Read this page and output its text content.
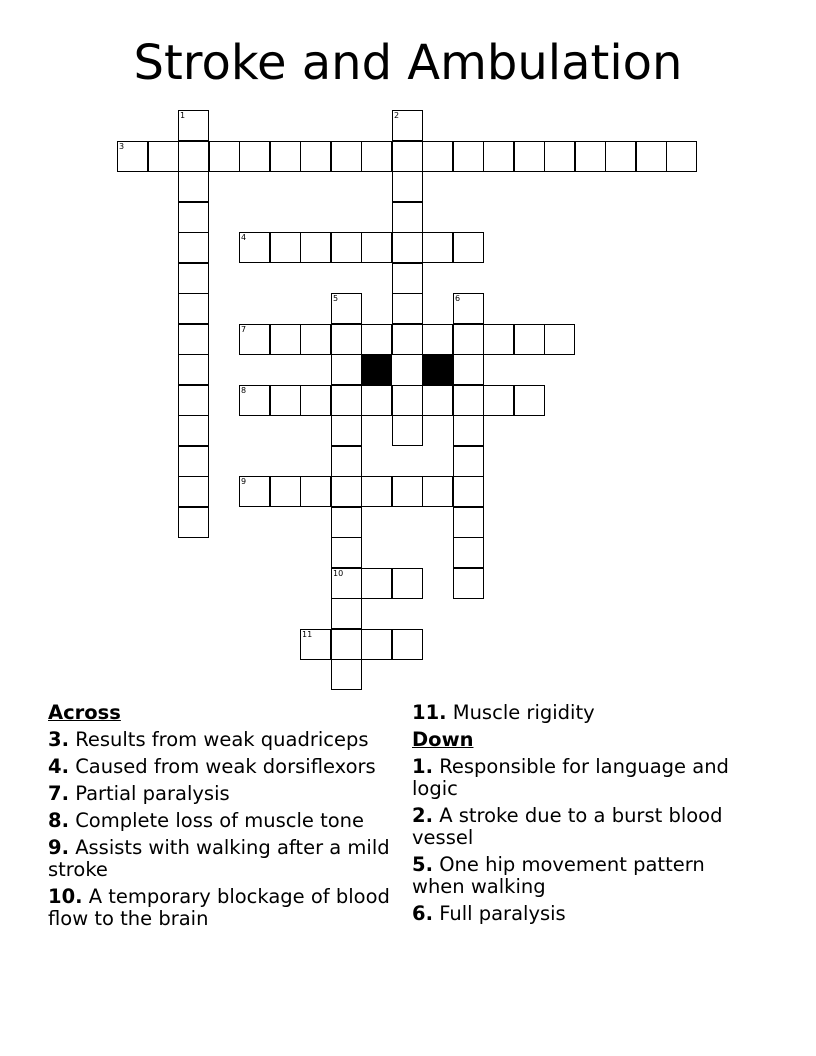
Stroke and Ambulation
1	2
3
4
5	6
7
8
9
10
11
Across
3. Results from weak quadriceps
4. Caused from weak dorsiflexors
7. Partial paralysis
8. Complete loss of muscle tone
9. Assists with walking after a mild stroke
10. A temporary blockage of blood flow to the brain
11. Muscle rigidity
Down
1. Responsible for language and logic
2. A stroke due to a burst blood vessel
5. One hip movement pattern when walking
6. Full paralysis
